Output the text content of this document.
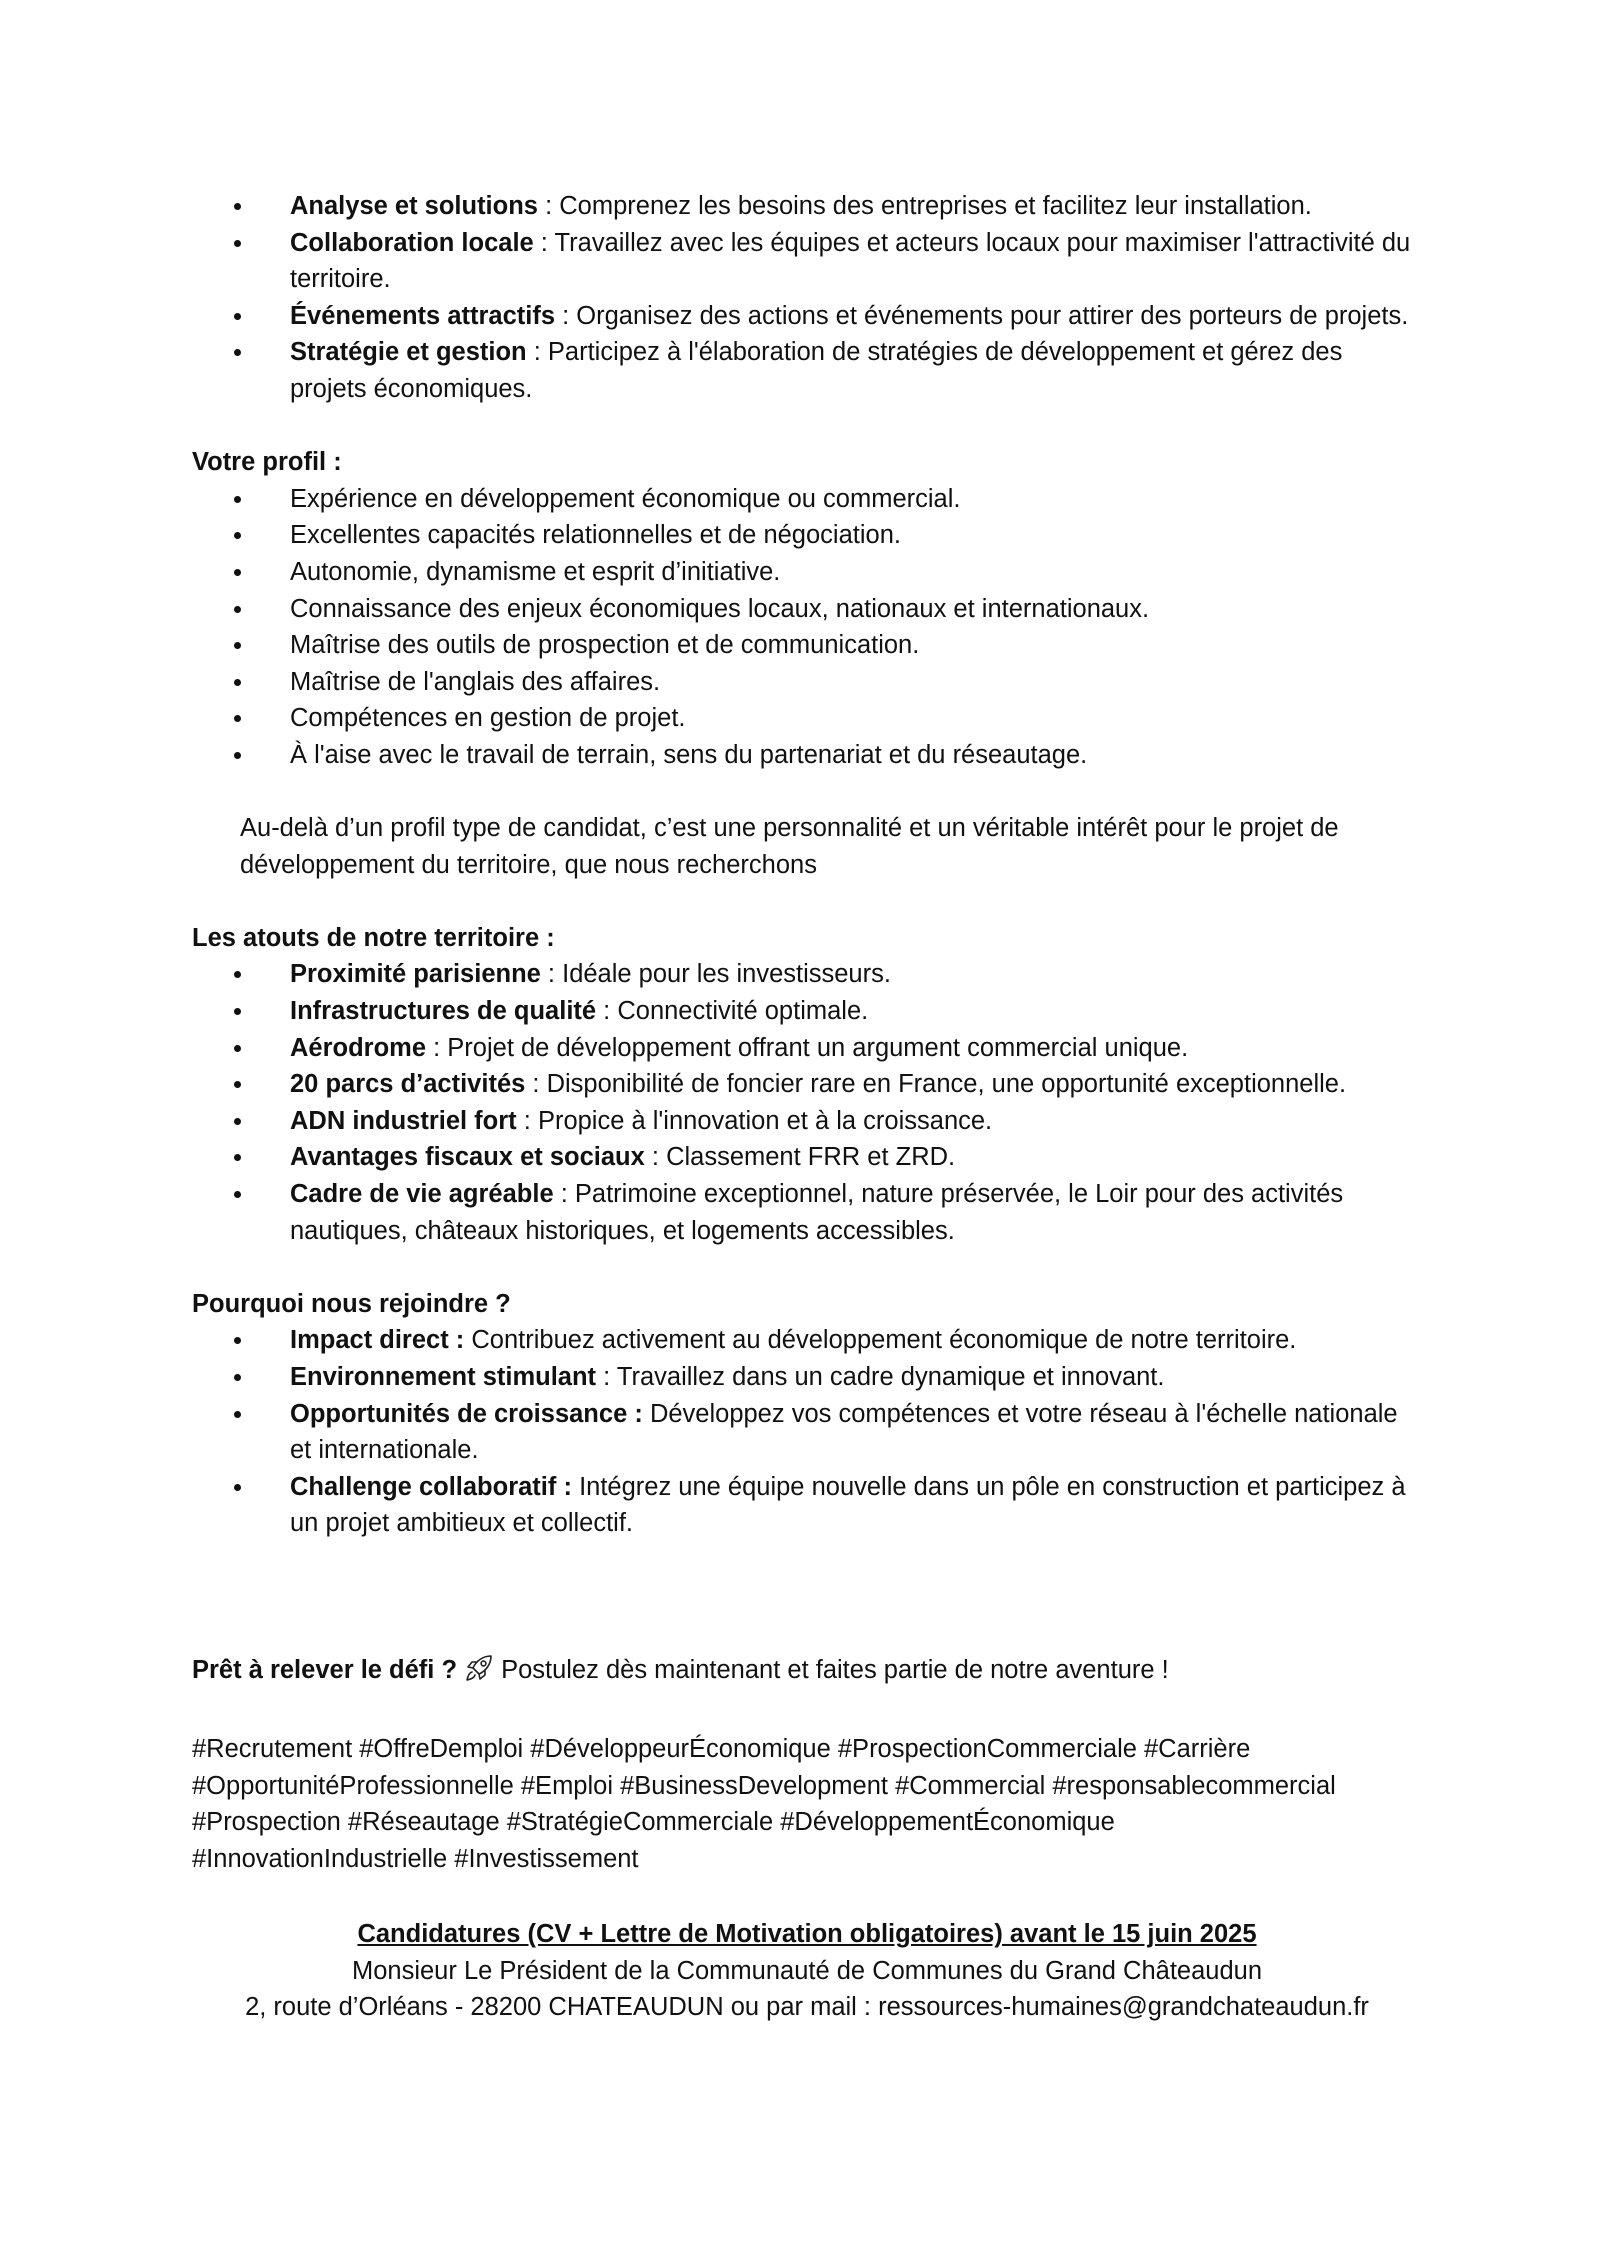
Analyse et solutions : Comprenez les besoins des entreprises et facilitez leur installation.
Collaboration locale : Travaillez avec les équipes et acteurs locaux pour maximiser l'attractivité du territoire.
Événements attractifs : Organisez des actions et événements pour attirer des porteurs de projets.
Stratégie et gestion : Participez à l'élaboration de stratégies de développement et gérez des projets économiques.

Votre profil :

Expérience en développement économique ou commercial.
Excellentes capacités relationnelles et de négociation.
Autonomie, dynamisme et esprit d’initiative.
Connaissance des enjeux économiques locaux, nationaux et internationaux.
Maîtrise des outils de prospection et de communication.
Maîtrise de l'anglais des affaires.
Compétences en gestion de projet.
À l'aise avec le travail de terrain, sens du partenariat et du réseautage.

Au-delà d’un profil type de candidat, c’est une personnalité et un véritable intérêt pour le projet de développement du territoire, que nous recherchons

Les atouts de notre territoire :

Proximité parisienne : Idéale pour les investisseurs.
Infrastructures de qualité : Connectivité optimale.
Aérodrome : Projet de développement offrant un argument commercial unique.
20 parcs d’activités : Disponibilité de foncier rare en France, une opportunité exceptionnelle.
ADN industriel fort : Propice à l'innovation et à la croissance.
Avantages fiscaux et sociaux : Classement FRR et ZRD.
Cadre de vie agréable : Patrimoine exceptionnel, nature préservée, le Loir pour des activités nautiques, châteaux historiques, et logements accessibles.

Pourquoi nous rejoindre ?

Impact direct : Contribuez activement au développement économique de notre territoire.
Environnement stimulant : Travaillez dans un cadre dynamique et innovant.
Opportunités de croissance : Développez vos compétences et votre réseau à l'échelle nationale et internationale.
Challenge collaboratif : Intégrez une équipe nouvelle dans un pôle en construction et participez à un projet ambitieux et collectif.

Prêt à relever le défi ? Postulez dès maintenant et faites partie de notre aventure !

#Recrutement #OffreDemploi #DéveloppeurÉconomique #ProspectionCommerciale #Carrière

#OpportunitéProfessionnelle #Emploi #BusinessDevelopment #Commercial #responsablecommercial

#Prospection #Réseautage #StratégieCommerciale #DéveloppementÉconomique

#InnovationIndustrielle #Investissement

Candidatures (CV + Lettre de Motivation obligatoires) avant le 15 juin 2025

Monsieur Le Président de la Communauté de Communes du Grand Châteaudun

2, route d’Orléans - 28200 CHATEAUDUN ou par mail : ressources-humaines@grandchateaudun.fr
